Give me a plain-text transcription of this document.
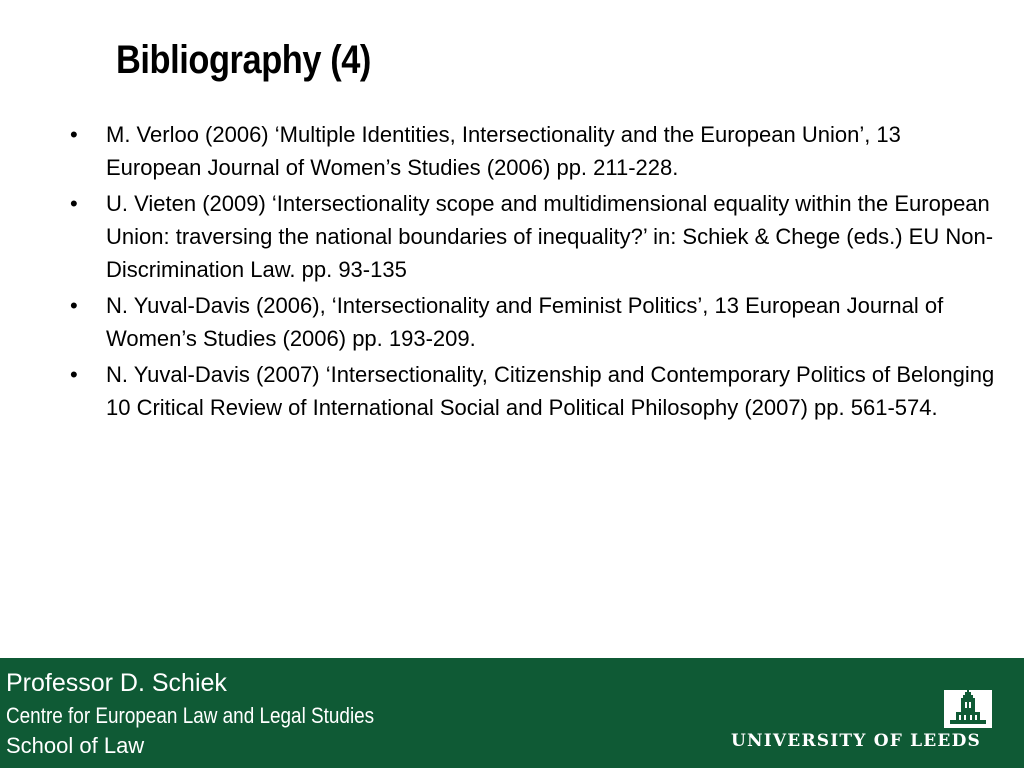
Bibliography (4)
• M. Verloo (2006) ‘Multiple Identities, Intersectionality and the European Union’, 13 European Journal of Women’s Studies (2006) pp. 211-228.
• U. Vieten (2009) ‘Intersectionality scope and multidimensional equality within the European Union: traversing the national boundaries of inequality?’ in: Schiek & Chege (eds.) EU Non-Discrimination Law. pp. 93-135
• N. Yuval-Davis (2006), ‘Intersectionality and Feminist Politics’, 13 European Journal of Women’s Studies (2006) pp. 193-209.
• N. Yuval-Davis (2007) ‘Intersectionality, Citizenship and Contemporary Politics of Belonging 10 Critical Review of International Social and Political Philosophy (2007) pp. 561-574.
Professor D. Schiek
Centre for European Law and Legal Studies
School of Law	UNIVERSITY OF LEEDS
